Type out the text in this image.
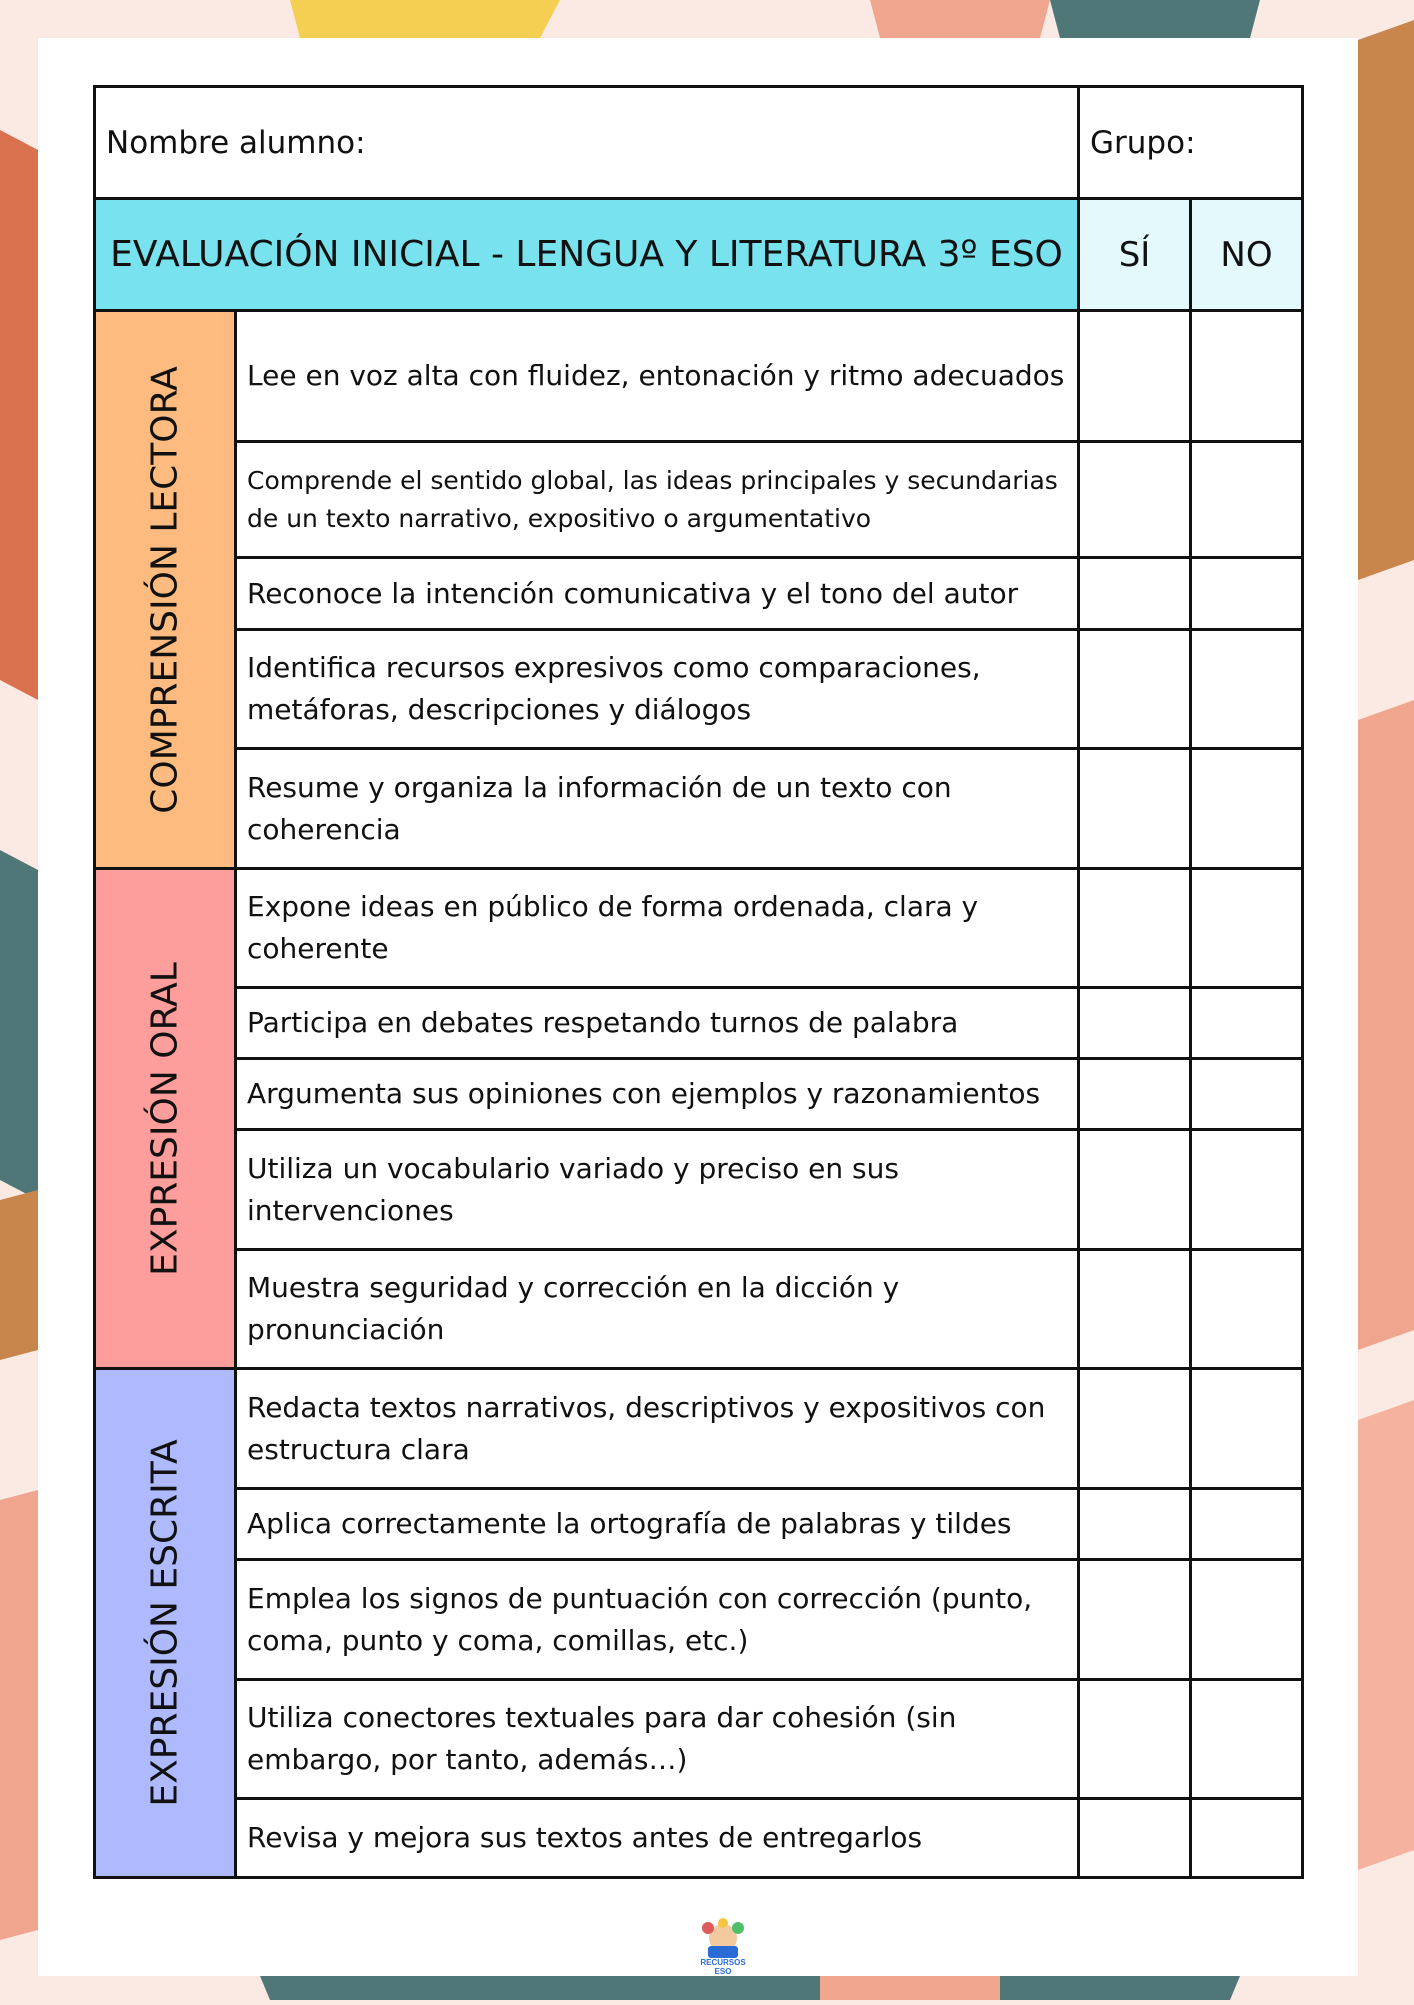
Nombre alumno:		Grupo:	
EVALUACIÓN INICIAL - LENGUA Y LITERATURA 3º ESO		SÍ	NO

COMPRENSIÓN LECTORA	Lee en voz alta con fluidez, entonación y ritmo adecuados		
	Comprende el sentido global, las ideas principales y secundarias de un texto narrativo, expositivo o argumentativo		
	Reconoce la intención comunicativa y el tono del autor		
	Identifica recursos expresivos como comparaciones, metáforas, descripciones y diálogos		
	Resume y organiza la información de un texto con coherencia		

EXPRESIÓN ORAL	Expone ideas en público de forma ordenada, clara y coherente		
	Participa en debates respetando turnos de palabra		
	Argumenta sus opiniones con ejemplos y razonamientos		
	Utiliza un vocabulario variado y preciso en sus intervenciones		
	Muestra seguridad y corrección en la dicción y pronunciación		

EXPRESIÓN ESCRITA	Redacta textos narrativos, descriptivos y expositivos con estructura clara		
	Aplica correctamente la ortografía de palabras y tildes		
	Emplea los signos de puntuación con corrección (punto, coma, punto y coma, comillas, etc.)		
	Utiliza conectores textuales para dar cohesión (sin embargo, por tanto, además…)		
	Revisa y mejora sus textos antes de entregarlos		
RECURSOS ESO
